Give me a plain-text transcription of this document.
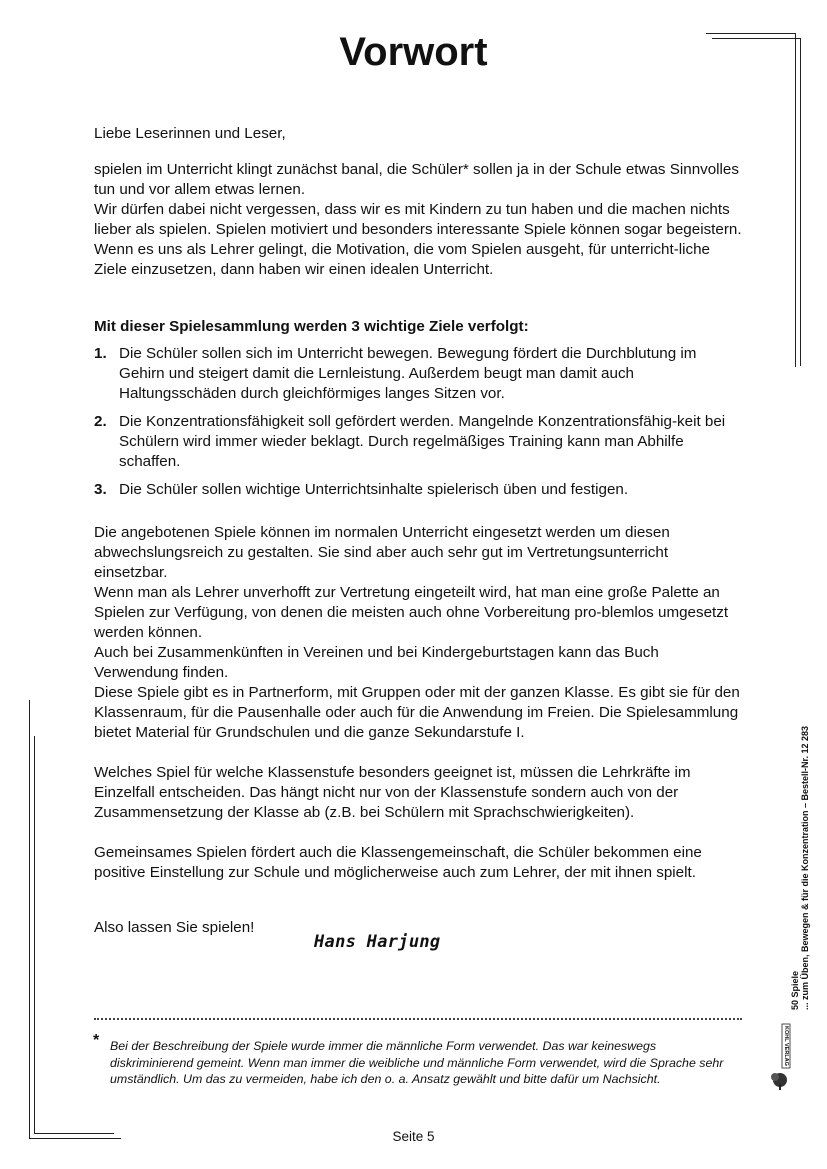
Vorwort

Liebe Leserinnen und Leser,

spielen im Unterricht klingt zunächst banal, die Schüler* sollen ja in der Schule etwas Sinnvolles tun und vor allem etwas lernen.

Wir dürfen dabei nicht vergessen, dass wir es mit Kindern zu tun haben und die machen nichts lieber als spielen. Spielen motiviert und besonders interessante Spiele können sogar begeistern.

Wenn es uns als Lehrer gelingt, die Motivation, die vom Spielen ausgeht, für unterricht-liche Ziele einzusetzen, dann haben wir einen idealen Unterricht.

Mit dieser Spielesammlung werden 3 wichtige Ziele verfolgt:

1. Die Schüler sollen sich im Unterricht bewegen. Bewegung fördert die Durchblutung im Gehirn und steigert damit die Lernleistung. Außerdem beugt man damit auch Haltungsschäden durch gleichförmiges langes Sitzen vor.
2. Die Konzentrationsfähigkeit soll gefördert werden. Mangelnde Konzentrationsfähig-keit bei Schülern wird immer wieder beklagt. Durch regelmäßiges Training kann man Abhilfe schaffen.
3. Die Schüler sollen wichtige Unterrichtsinhalte spielerisch üben und festigen.

Die angebotenen Spiele können im normalen Unterricht eingesetzt werden um diesen abwechslungsreich zu gestalten. Sie sind aber auch sehr gut im Vertretungsunterricht einsetzbar.

Wenn man als Lehrer unverhofft zur Vertretung eingeteilt wird, hat man eine große Palette an Spielen zur Verfügung, von denen die meisten auch ohne Vorbereitung pro-blemlos umgesetzt werden können.

Auch bei Zusammenkünften in Vereinen und bei Kindergeburtstagen kann das Buch Verwendung finden.

Diese Spiele gibt es in Partnerform, mit Gruppen oder mit der ganzen Klasse. Es gibt sie für den Klassenraum, für die Pausenhalle oder auch für die Anwendung im Freien. Die Spielesammlung bietet Material für Grundschulen und die ganze Sekundarstufe I.

Welches Spiel für welche Klassenstufe besonders geeignet ist, müssen die Lehrkräfte im Einzelfall entscheiden. Das hängt nicht nur von der Klassenstufe sondern auch von der Zusammensetzung der Klasse ab (z.B. bei Schülern mit Sprachschwierigkeiten).

Gemeinsames Spielen fördert auch die Klassengemeinschaft, die Schüler bekommen eine positive Einstellung zur Schule und möglicherweise auch zum Lehrer, der mit ihnen spielt.

Also lassen Sie spielen!

Hans Harjung
* Bei der Beschreibung der Spiele wurde immer die männliche Form verwendet. Das war keineswegs diskriminierend gemeint. Wenn man immer die weibliche und männliche Form verwendet, wird die Sprache sehr umständlich. Um das zu vermeiden, habe ich den o. a. Ansatz gewählt und bitte dafür um Nachsicht.

Seite 5
50 Spiele ... zum Üben, Bewegen & für die Konzentration – Bestell-Nr. 12 283
KOHL VERLAG
